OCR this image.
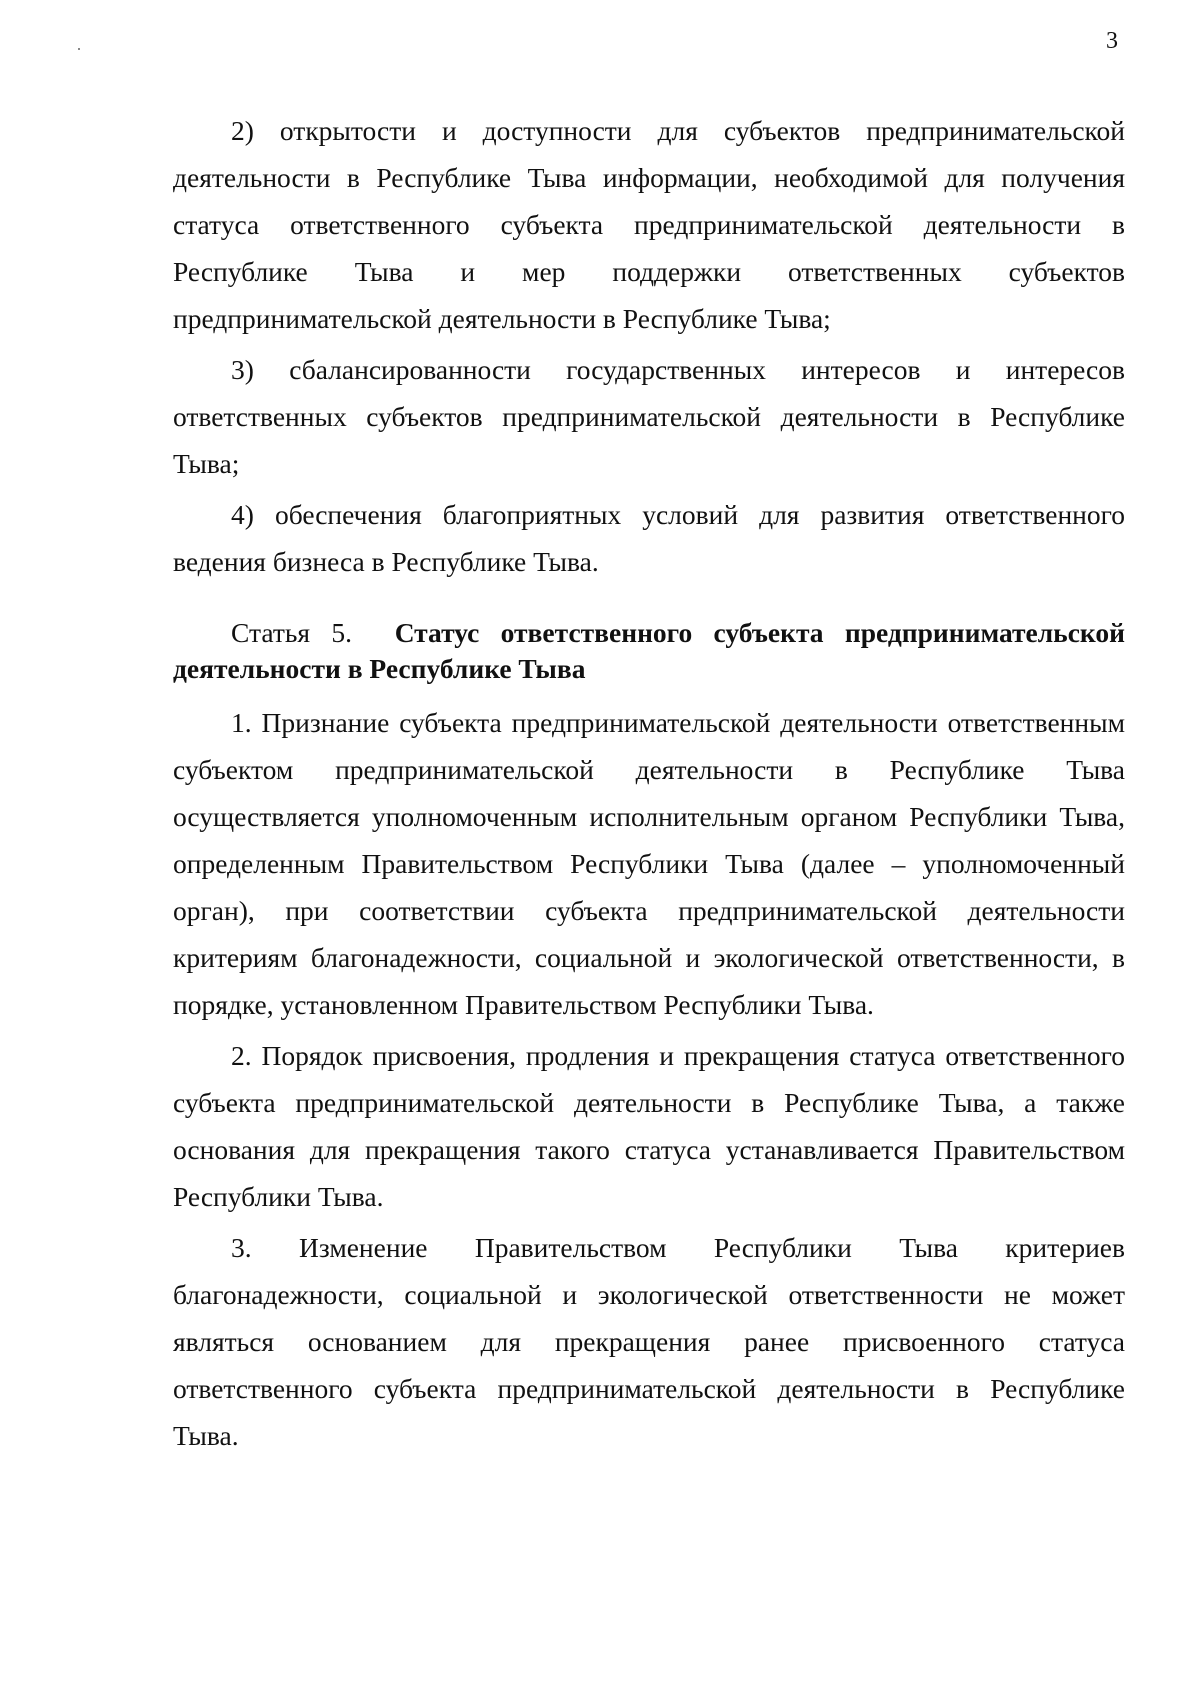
3

2) открытости и доступности для субъектов предпринимательской деятельности в Республике Тыва информации, необходимой для получения статуса ответственного субъекта предпринимательской деятельности в Республике Тыва и мер поддержки ответственных субъектов предпринимательской деятельности в Республике Тыва;

3) сбалансированности государственных интересов и интересов ответственных субъектов предпринимательской деятельности в Республике Тыва;

4) обеспечения благоприятных условий для развития ответственного ведения бизнеса в Республике Тыва.

Статья 5. Статус ответственного субъекта предпринимательской деятельности в Республике Тыва

1. Признание субъекта предпринимательской деятельности ответственным субъектом предпринимательской деятельности в Республике Тыва осуществляется уполномоченным исполнительным органом Республики Тыва, определенным Правительством Республики Тыва (далее – уполномоченный орган), при соответствии субъекта предпринимательской деятельности критериям благонадежности, социальной и экологической ответственности, в порядке, установленном Правительством Республики Тыва.

2. Порядок присвоения, продления и прекращения статуса ответственного субъекта предпринимательской деятельности в Республике Тыва, а также основания для прекращения такого статуса устанавливается Правительством Республики Тыва.

3. Изменение Правительством Республики Тыва критериев благонадежности, социальной и экологической ответственности не может являться основанием для прекращения ранее присвоенного статуса ответственного субъекта предпринимательской деятельности в Республике Тыва.
